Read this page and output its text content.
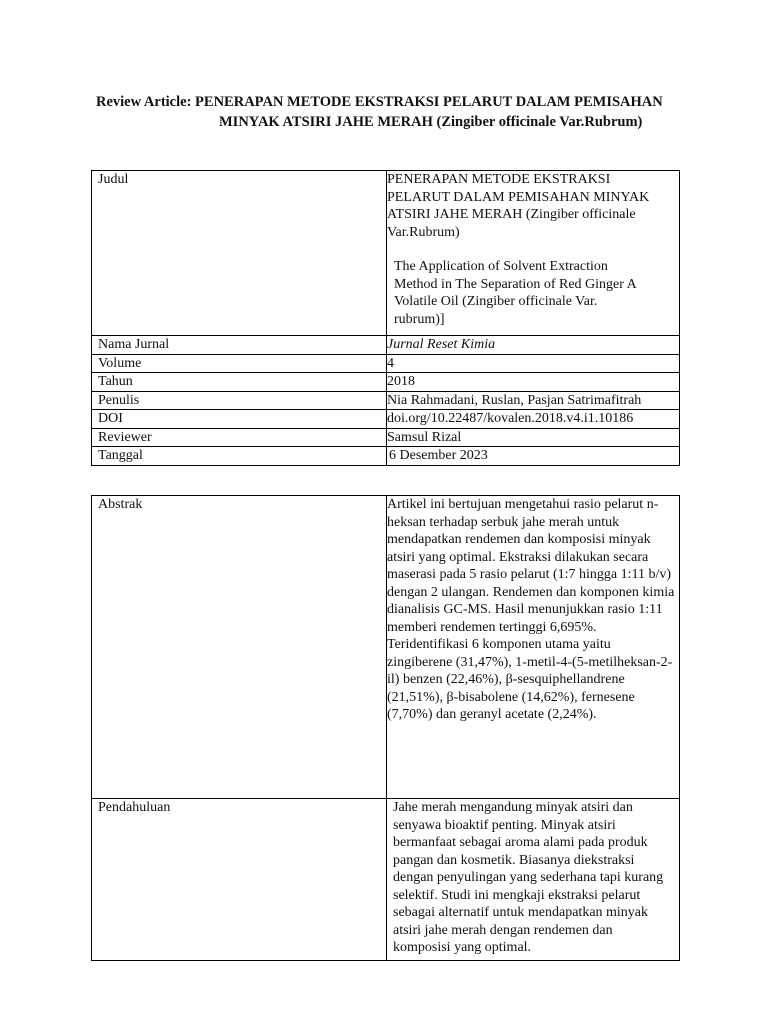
Review Article: PENERAPAN METODE EKSTRAKSI PELARUT DALAM PEMISAHAN
MINYAK ATSIRI JAHE MERAH (Zingiber officinale Var.Rubrum)
Judul	PENERAPAN METODE EKSTRAKSI PELARUT DALAM PEMISAHAN MINYAK ATSIRI JAHE MERAH (Zingiber officinale Var.Rubrum)
The Application of Solvent Extraction Method in The Separation of Red Ginger A Volatile Oil (Zingiber officinale Var. rubrum)]

Nama Jurnal	Jurnal Reset Kimia
Volume	4
Tahun	2018
Penulis	Nia Rahmadani, Ruslan, Pasjan Satrimafitrah
DOI	doi.org/10.22487/kovalen.2018.v4.i1.10186
Reviewer	Samsul Rizal
Tanggal	6 Desember 2023
Abstrak	Artikel ini bertujuan mengetahui rasio pelarut n-heksan terhadap serbuk jahe merah untuk mendapatkan rendemen dan komposisi minyak atsiri yang optimal. Ekstraksi dilakukan secara maserasi pada 5 rasio pelarut (1:7 hingga 1:11 b/v) dengan 2 ulangan. Rendemen dan komponen kimia dianalisis GC-MS. Hasil menunjukkan rasio 1:11 memberi rendemen tertinggi 6,695%. Teridentifikasi 6 komponen utama yaitu zingiberene (31,47%), 1-metil-4-(5-metilheksan-2-il) benzen (22,46%), β-sesquiphellandrene (21,51%), β-bisabolene (14,62%), fernesene (7,70%) dan geranyl acetate (2,24%).
Pendahuluan	Jahe merah mengandung minyak atsiri dan senyawa bioaktif penting. Minyak atsiri bermanfaat sebagai aroma alami pada produk pangan dan kosmetik. Biasanya diekstraksi dengan penyulingan yang sederhana tapi kurang selektif. Studi ini mengkaji ekstraksi pelarut sebagai alternatif untuk mendapatkan minyak atsiri jahe merah dengan rendemen dan komposisi yang optimal.
